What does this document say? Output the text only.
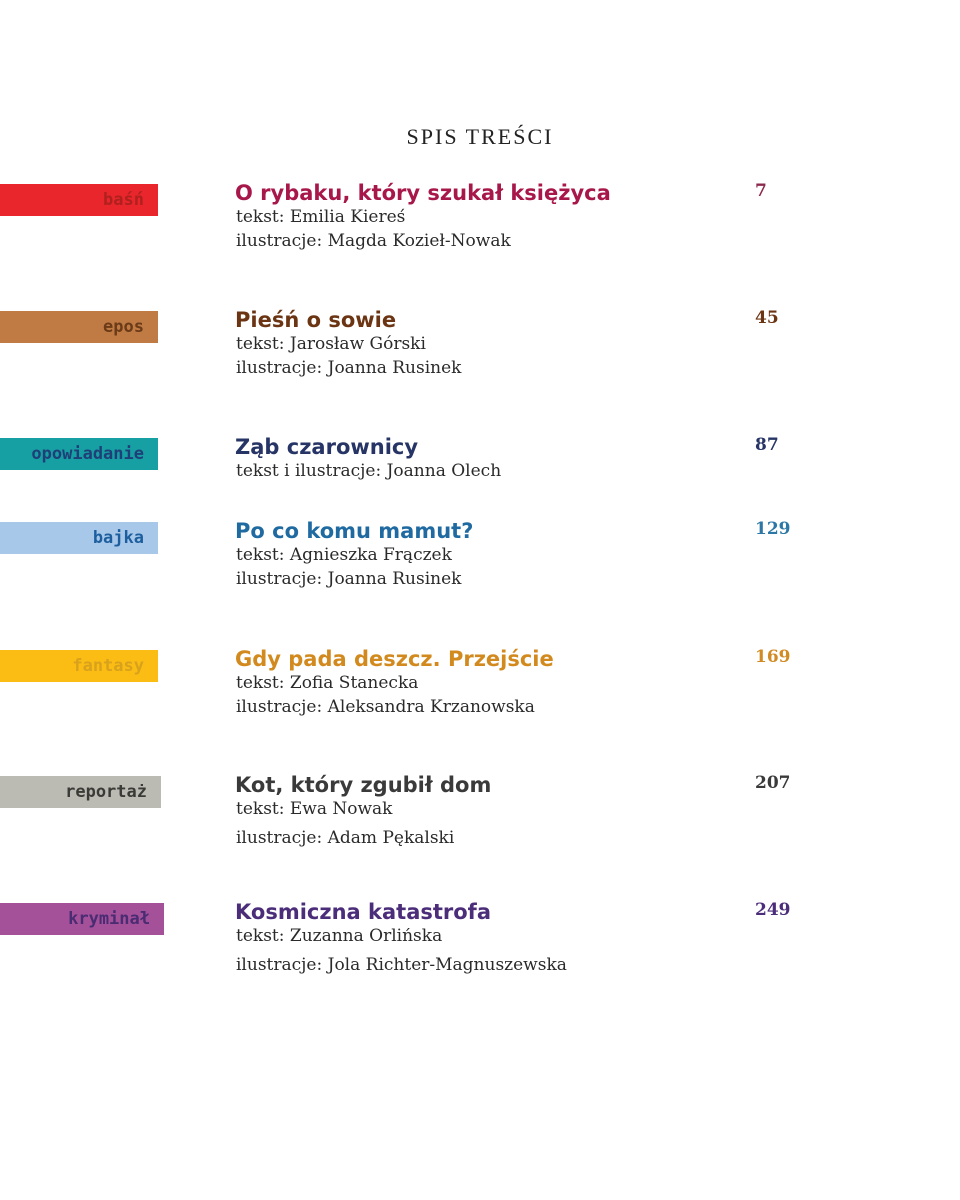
SPIS TREŚCI
baśń	O rybaku, który szukał księżyca	7
tekst: Emilia Kiereś
ilustracje: Magda Kozieł-Nowak
epos	Pieśń o sowie	45
tekst: Jarosław Górski
ilustracje: Joanna Rusinek
opowiadanie	Ząb czarownicy	87
tekst i ilustracje: Joanna Olech
bajka	Po co komu mamut?	129
tekst: Agnieszka Frączek
ilustracje: Joanna Rusinek
fantasy	Gdy pada deszcz. Przejście	169
tekst: Zofia Stanecka
ilustracje: Aleksandra Krzanowska
reportaż	Kot, który zgubił dom	207
tekst: Ewa Nowak
ilustracje: Adam Pękalski
kryminał	Kosmiczna katastrofa	249
tekst: Zuzanna Orlińska
ilustracje: Jola Richter-Magnuszewska
